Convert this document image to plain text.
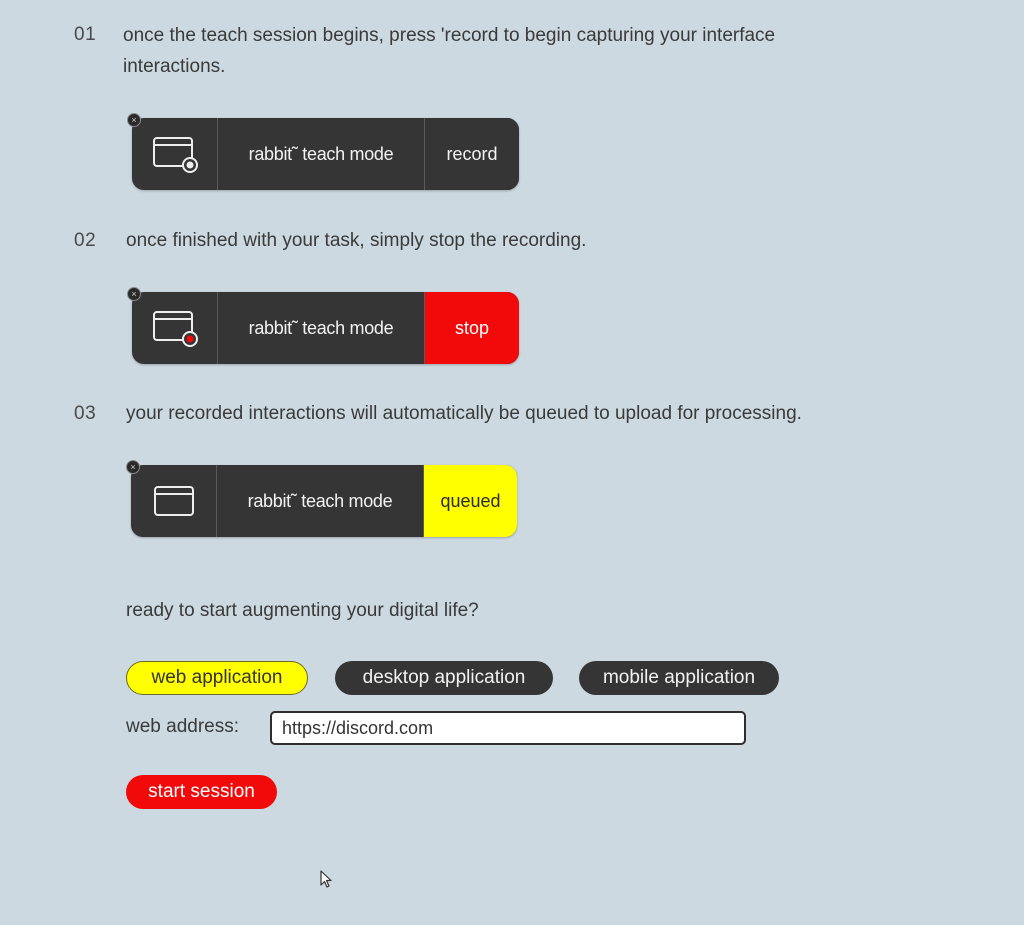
01 once the teach session begins, press 'record to begin capturing your interface
interactions.
×
rabbit˜ teach mode	record
02 once finished with your task, simply stop the recording.
×
rabbit˜ teach mode	stop
03 your recorded interactions will automatically be queued to upload for processing.
×
rabbit˜ teach mode	queued
ready to start augmenting your digital life?
web application	desktop application	mobile application
web address:
https://discord.com
start session
